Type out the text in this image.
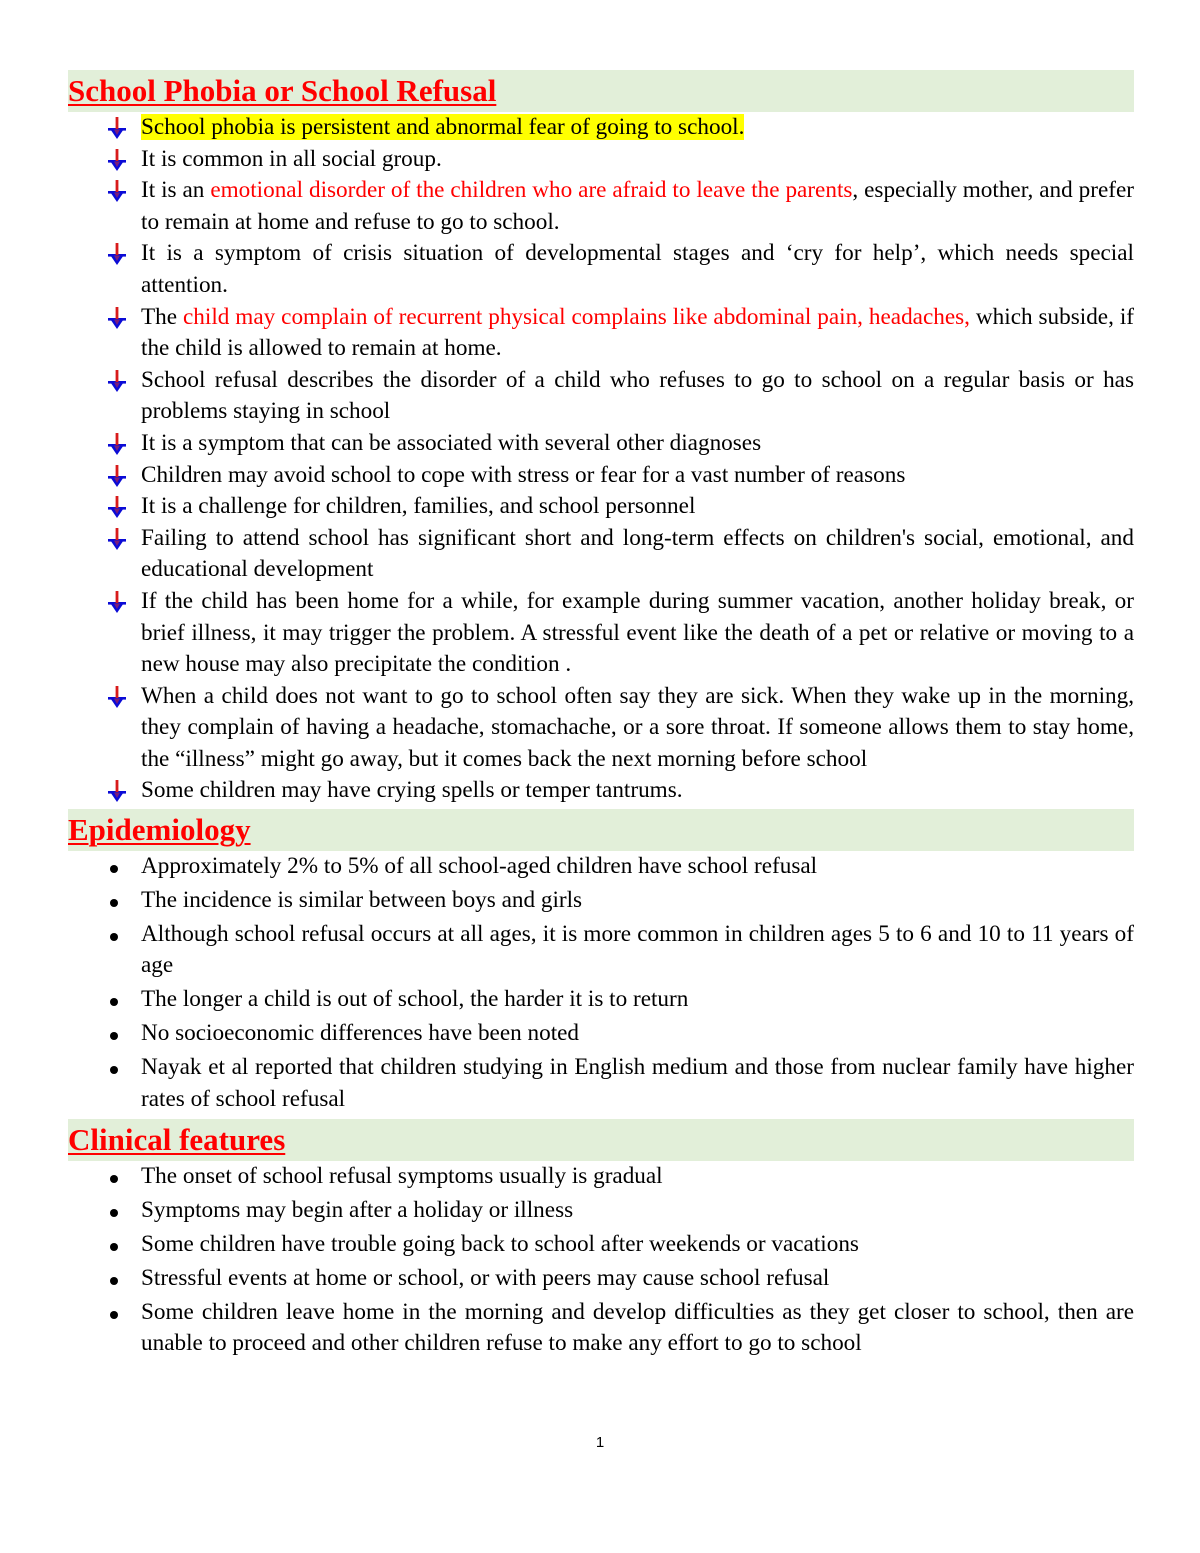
School Phobia or School Refusal
School phobia is persistent and abnormal fear of going to school.
It is common in all social group.
It is an emotional disorder of the children who are afraid to leave the parents, especially mother, and prefer to remain at home and refuse to go to school.
It is a symptom of crisis situation of developmental stages and ‘cry for help’, which needs special attention.
The child may complain of recurrent physical complains like abdominal pain, headaches, which subside, if the child is allowed to remain at home.
School refusal describes the disorder of a child who refuses to go to school on a regular basis or has problems staying in school
It is a symptom that can be associated with several other diagnoses
Children may avoid school to cope with stress or fear for a vast number of reasons
It is a challenge for children, families, and school personnel
Failing to attend school has significant short and long-term effects on children's social, emotional, and educational development
If the child has been home for a while, for example during summer vacation, another holiday break, or brief illness, it may trigger the problem. A stressful event like the death of a pet or relative or moving to a new house may also precipitate the condition .
When a child does not want to go to school often say they are sick. When they wake up in the morning, they complain of having a headache, stomachache, or a sore throat. If someone allows them to stay home, the “illness” might go away, but it comes back the next morning before school
Some children may have crying spells or temper tantrums.
Epidemiology
Approximately 2% to 5% of all school-aged children have school refusal
The incidence is similar between boys and girls
Although school refusal occurs at all ages, it is more common in children ages 5 to 6 and 10 to 11 years of age
The longer a child is out of school, the harder it is to return
No socioeconomic differences have been noted
Nayak et al reported that children studying in English medium and those from nuclear family have higher rates of school refusal
Clinical features
The onset of school refusal symptoms usually is gradual
Symptoms may begin after a holiday or illness
Some children have trouble going back to school after weekends or vacations
Stressful events at home or school, or with peers may cause school refusal
Some children leave home in the morning and develop difficulties as they get closer to school, then are unable to proceed and other children refuse to make any effort to go to school
1
